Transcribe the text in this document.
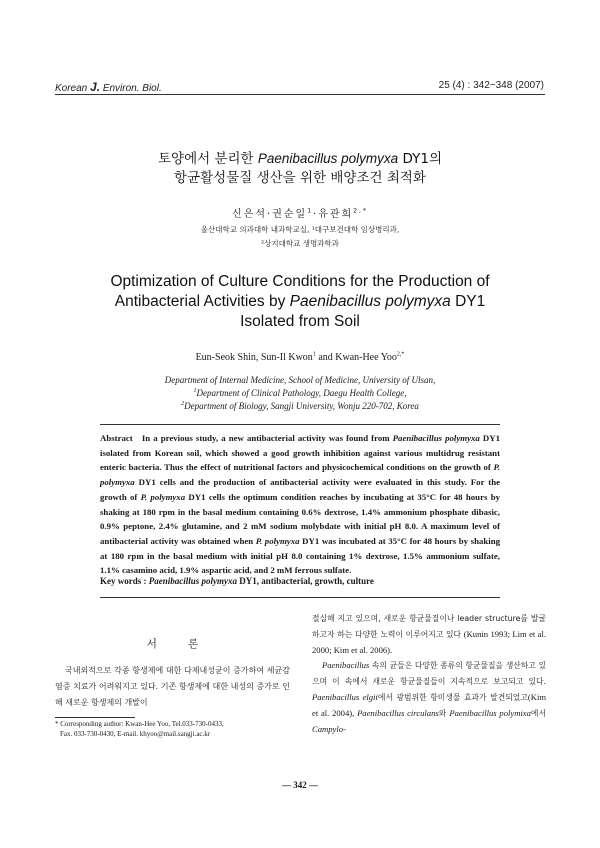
Korean J. Environ. Biol.	25 (4) : 342~348 (2007)
토양에서 분리한 Paenibacillus polymyxa DY1의
항균활성물질 생산을 위한 배양조건 최적화
신은석·권순일$^1$·유관희$^{2,*}$
울산대학교 의과대학 내과학교실, ¹대구보건대학 임상병리과,
²상지대학교 생명과학과
Optimization of Culture Conditions for the Production of
Antibacterial Activities by Paenibacillus polymyxa DY1
Isolated from Soil
Eun-Seok Shin, Sun-Il Kwon$^1$ and Kwan-Hee Yoo$^{2,*}$
Department of Internal Medicine, School of Medicine, University of Ulsan,
$^1$Department of Clinical Pathology, Daegu Health College,
$^2$Department of Biology, Sangji University, Wonju 220-702, Korea
Abstract In a previous study, a new antibacterial activity was found from Paenibacillus polymyxa DY1 isolated from Korean soil, which showed a good growth inhibition against various multidrug resistant enteric bacteria. Thus the effect of nutritional factors and physicochemical conditions on the growth of P. polymyxa DY1 cells and the production of antibacterial activity were evaluated in this study. For the growth of P. polymyxa DY1 cells the optimum condition reaches by incubating at 35°C for 48 hours by shaking at 180 rpm in the basal medium containing 0.6% dextrose, 1.4% ammonium phosphate dibasic, 0.9% peptone, 2.4% glutamine, and 2 mM sodium molybdate with initial pH 8.0. A maximum level of antibacterial activity was obtained when P. polymyxa DY1 was incubated at 35°C for 48 hours by shaking at 180 rpm in the basal medium with initial pH 8.0 containing 1% dextrose, 1.5% ammonium sulfate, 1.1% casamino acid, 1.9% aspartic acid, and 2 mM ferrous sulfate.
Key words : Paenibacillus polymyxa DY1, antibacterial, growth, culture
서 론
국내외적으로 각종 항생제에 대한 다제내성균이 증가하여 세균감염증 치료가 어려워지고 있다. 기존 항생제에 대한 내성의 증가로 인해 새로운 항생제의 개발이
* Corresponding author: Kwan-Hee Yoo, Tel.033-730-0433,
Fax. 033-730-0430, E-mail. khyoo@mail.sangji.ac.kr

절실해 지고 있으며, 새로운 항균물질이나 leader structure를 발굴하고자 하는 다양한 노력이 이루어지고 있다 (Kunin 1993; Lim et al. 2000; Kim et al. 2006).

Paenibacillus 속의 균들은 다양한 종류의 항균물질을 생산하고 있으며 이 속에서 새로운 항균물질들이 지속적으로 보고되고 있다. Paenibacillus elgii에서 광범위한 항미생물 효과가 발견되었고(Kim et al. 2004), Paenibacillus circulans와 Paenibacillus polymixa에서 Campylo-

— 342 —
